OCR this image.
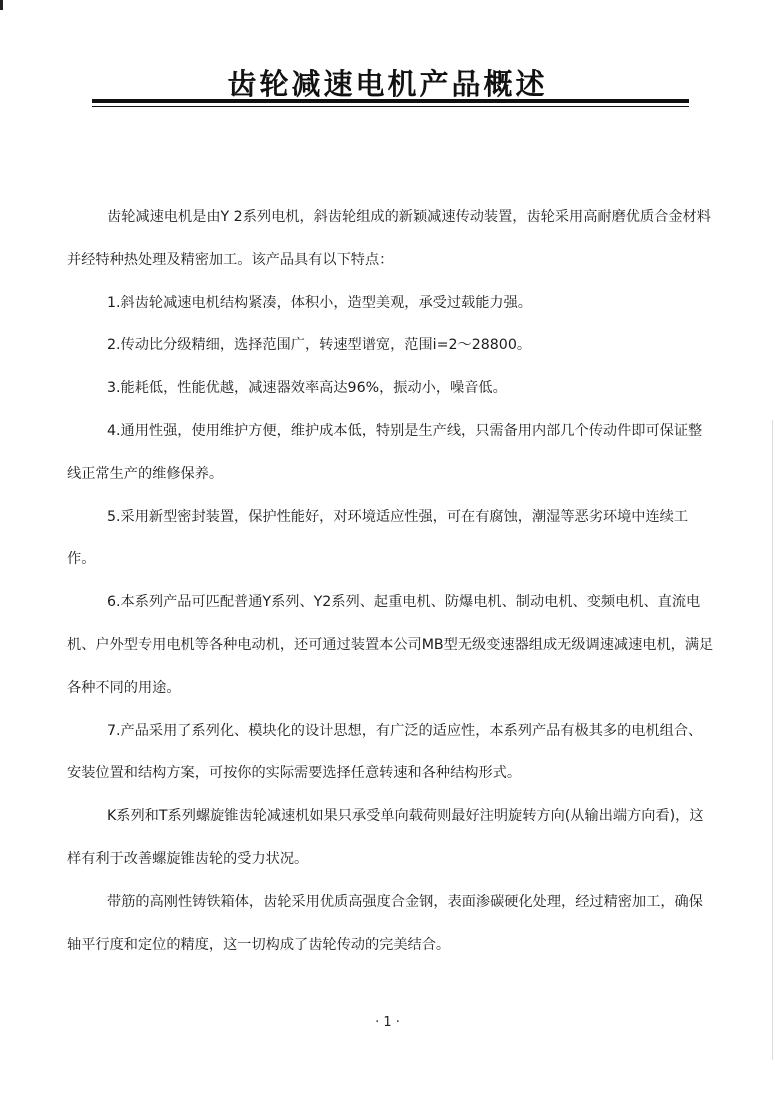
齿轮减速电机产品概述

齿轮减速电机是由Y 2系列电机，斜齿轮组成的新颖减速传动装置，齿轮采用高耐磨优质合金材料并经特种热处理及精密加工。该产品具有以下特点：

1.斜齿轮减速电机结构紧凑，体积小，造型美观，承受过载能力强。

2.传动比分级精细，选择范围广，转速型谱宽，范围i=2～28800。

3.能耗低，性能优越，减速器效率高达96%，振动小，噪音低。

4.通用性强，使用维护方便，维护成本低，特别是生产线，只需备用内部几个传动件即可保证整线正常生产的维修保养。

5.采用新型密封装置，保护性能好，对环境适应性强，可在有腐蚀，潮湿等恶劣环境中连续工作。

6.本系列产品可匹配普通Y系列、Y2系列、起重电机、防爆电机、制动电机、变频电机、直流电机、户外型专用电机等各种电动机，还可通过装置本公司MB型无级变速器组成无级调速减速电机，满足各种不同的用途。

7.产品采用了系列化、模块化的设计思想，有广泛的适应性，本系列产品有极其多的电机组合、安装位置和结构方案，可按你的实际需要选择任意转速和各种结构形式。

K系列和T系列螺旋锥齿轮减速机如果只承受单向载荷则最好注明旋转方向(从输出端方向看)，这样有利于改善螺旋锥齿轮的受力状况。

带筋的高刚性铸铁箱体，齿轮采用优质高强度合金钢，表面渗碳硬化处理，经过精密加工，确保轴平行度和定位的精度，这一切构成了齿轮传动的完美结合。

· 1 ·
